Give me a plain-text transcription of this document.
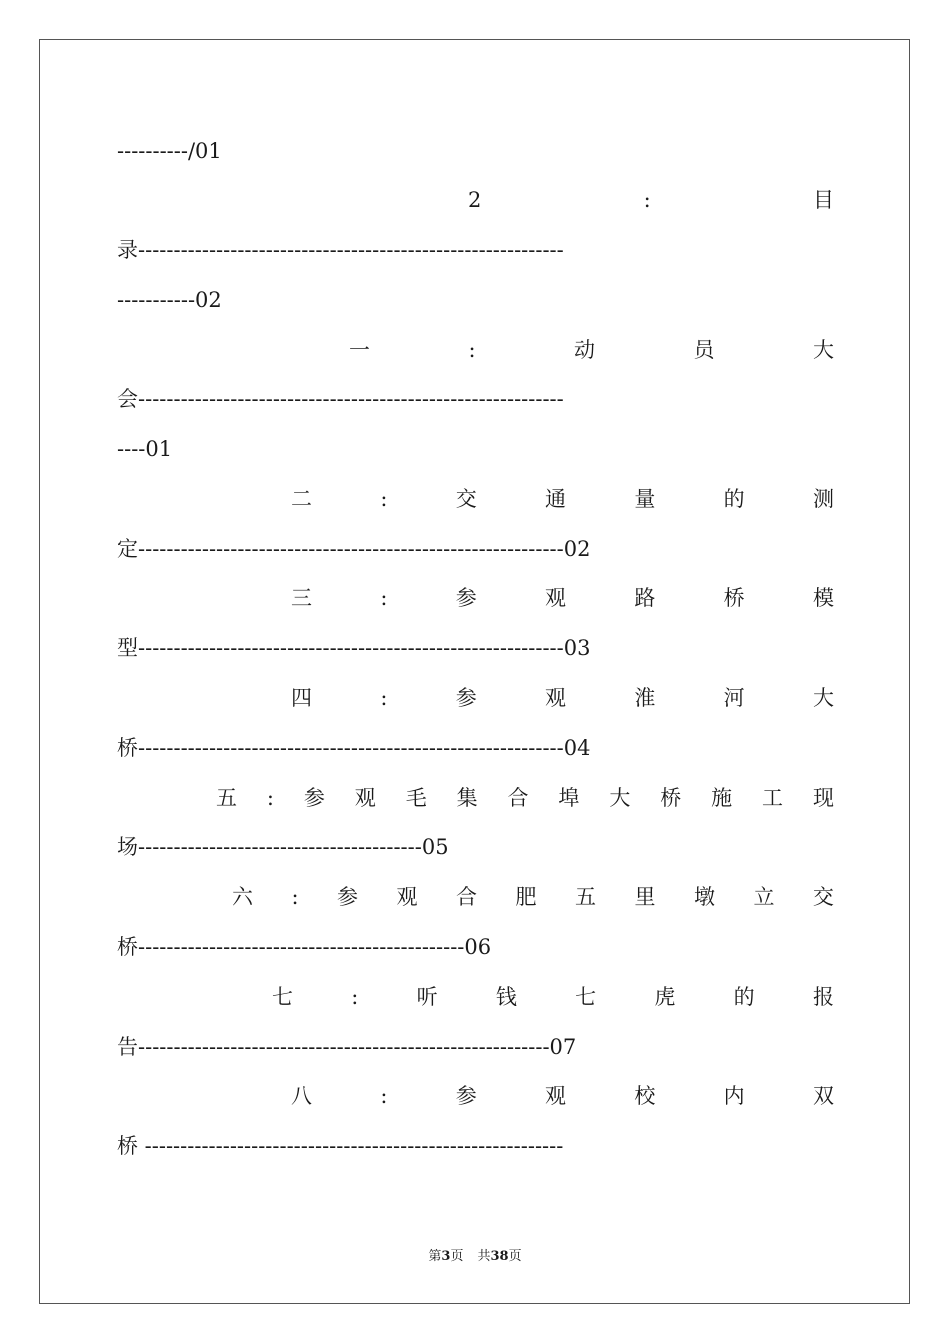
----------/01
2	:	目
录------------------------------------------------------------
-----------02
一	:	动	员	大
会------------------------------------------------------------
----01
二	:	交	通	量	的	测
定------------------------------------------------------------02
三	:	参	观	路	桥	模
型------------------------------------------------------------03
四	:	参	观	淮	河	大
桥------------------------------------------------------------04
五 : 参 观 毛 集 合 埠 大 桥 施 工 现
场----------------------------------------05
六 : 参 观 合 肥 五 里 墩 立 交
桥----------------------------------------------06
七	:	听	钱	七	虎	的	报
告----------------------------------------------------------07
八	:	参	观	校	内	双
桥 -----------------------------------------------------------
第3页 共38页
